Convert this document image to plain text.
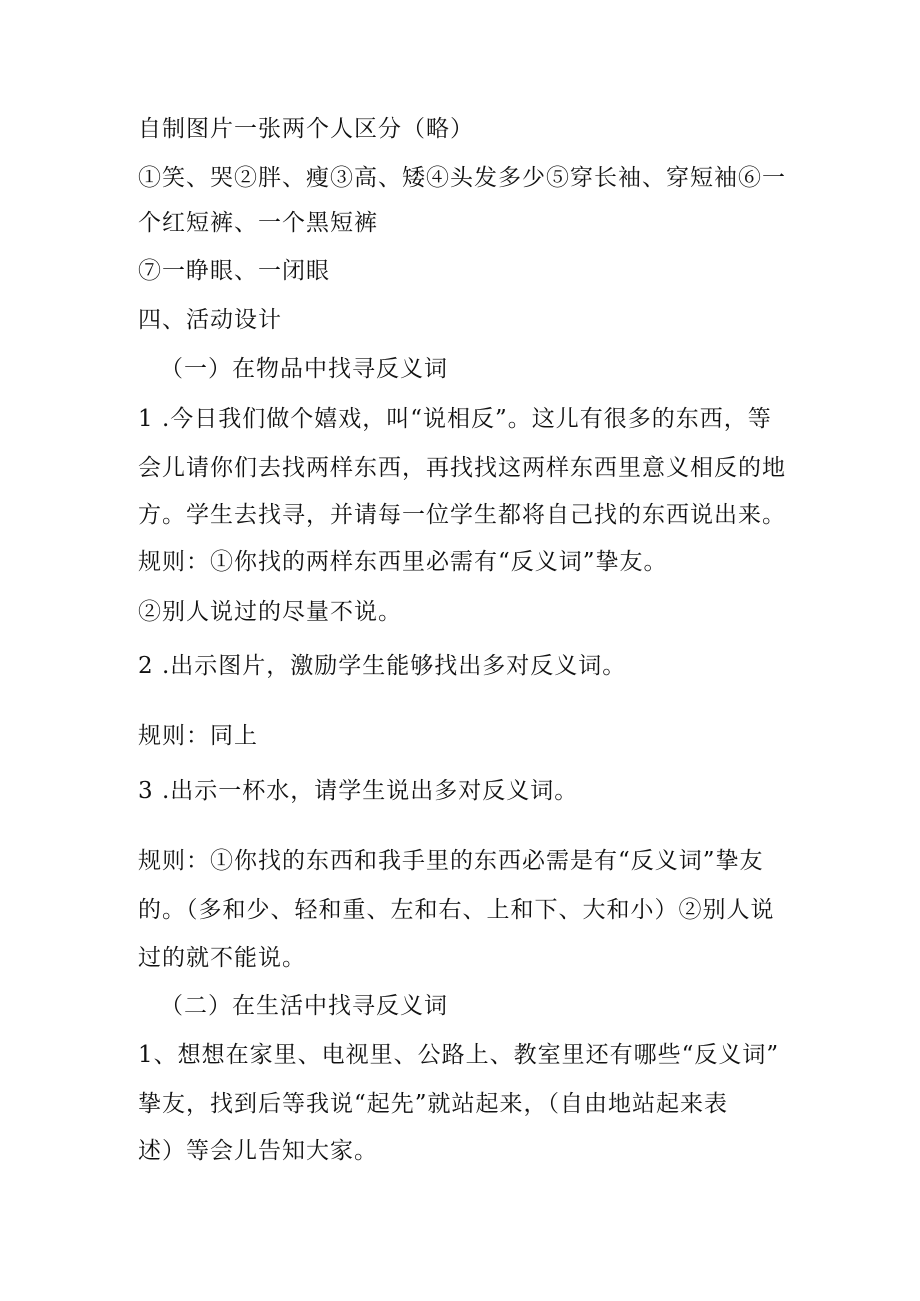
自制图片一张两个人区分（略）
①笑、哭②胖、瘦③高、矮④头发多少⑤穿长袖、穿短袖⑥一
个红短裤、一个黑短裤
⑦一睁眼、一闭眼
四、活动设计
（一）在物品中找寻反义词
1 .今日我们做个嬉戏，叫“说相反”。这儿有很多的东西，等
会儿请你们去找两样东西，再找找这两样东西里意义相反的地
方。学生去找寻，并请每一位学生都将自己找的东西说出来。
规则：①你找的两样东西里必需有“反义词”挚友。
②别人说过的尽量不说。
2 .出示图片，激励学生能够找出多对反义词。
规则：同上
3 .出示一杯水，请学生说出多对反义词。
规则：①你找的东西和我手里的东西必需是有“反义词”挚友
的。（多和少、轻和重、左和右、上和下、大和小）②别人说
过的就不能说。
（二）在生活中找寻反义词
1、想想在家里、电视里、公路上、教室里还有哪些“反义词”
挚友，找到后等我说“起先”就站起来，（自由地站起来表
述）等会儿告知大家。
